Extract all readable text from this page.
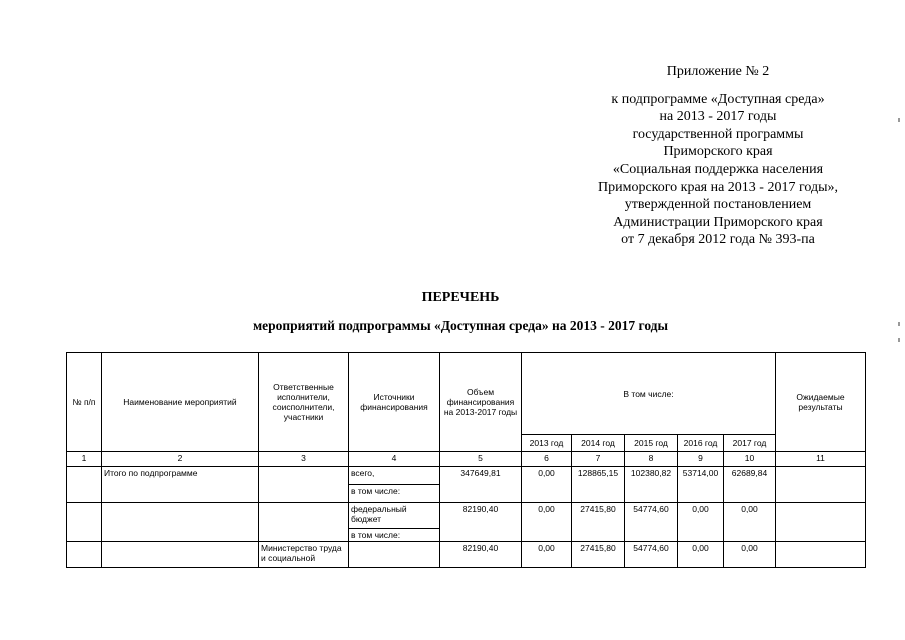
Приложение № 2
к подпрограмме «Доступная среда»
на 2013 - 2017 годы
государственной программы
Приморского края
«Социальная поддержка населения
Приморского края на 2013 - 2017 годы»,
утвержденной постановлением
Администрации Приморского края
от 7 декабря 2012 года № 393-па
ПЕРЕЧЕНЬ
мероприятий подпрограммы «Доступная среда» на 2013 - 2017 годы
№ п/п	Наименование мероприятий	Ответственные исполнители, соисполнители, участники	Источники финансирования	Объем финансирования на 2013-2017 годы	В том числе:					Ожидаемые результаты
					2013 год	2014 год	2015 год	2016 год	2017 год	
1	2	3	4	5	6	7	8	9	10	11
	Итого по подпрограмме		всего,	347649,81	0,00	128865,15	102380,82	53714,00	62689,84	
			в том числе:							
			федеральный бюджет	82190,40	0,00	27415,80	54774,60	0,00	0,00	
			в том числе:							

		Министерство труда и социальной		82190,40	0,00	27415,80	54774,60	0,00	0,00	
